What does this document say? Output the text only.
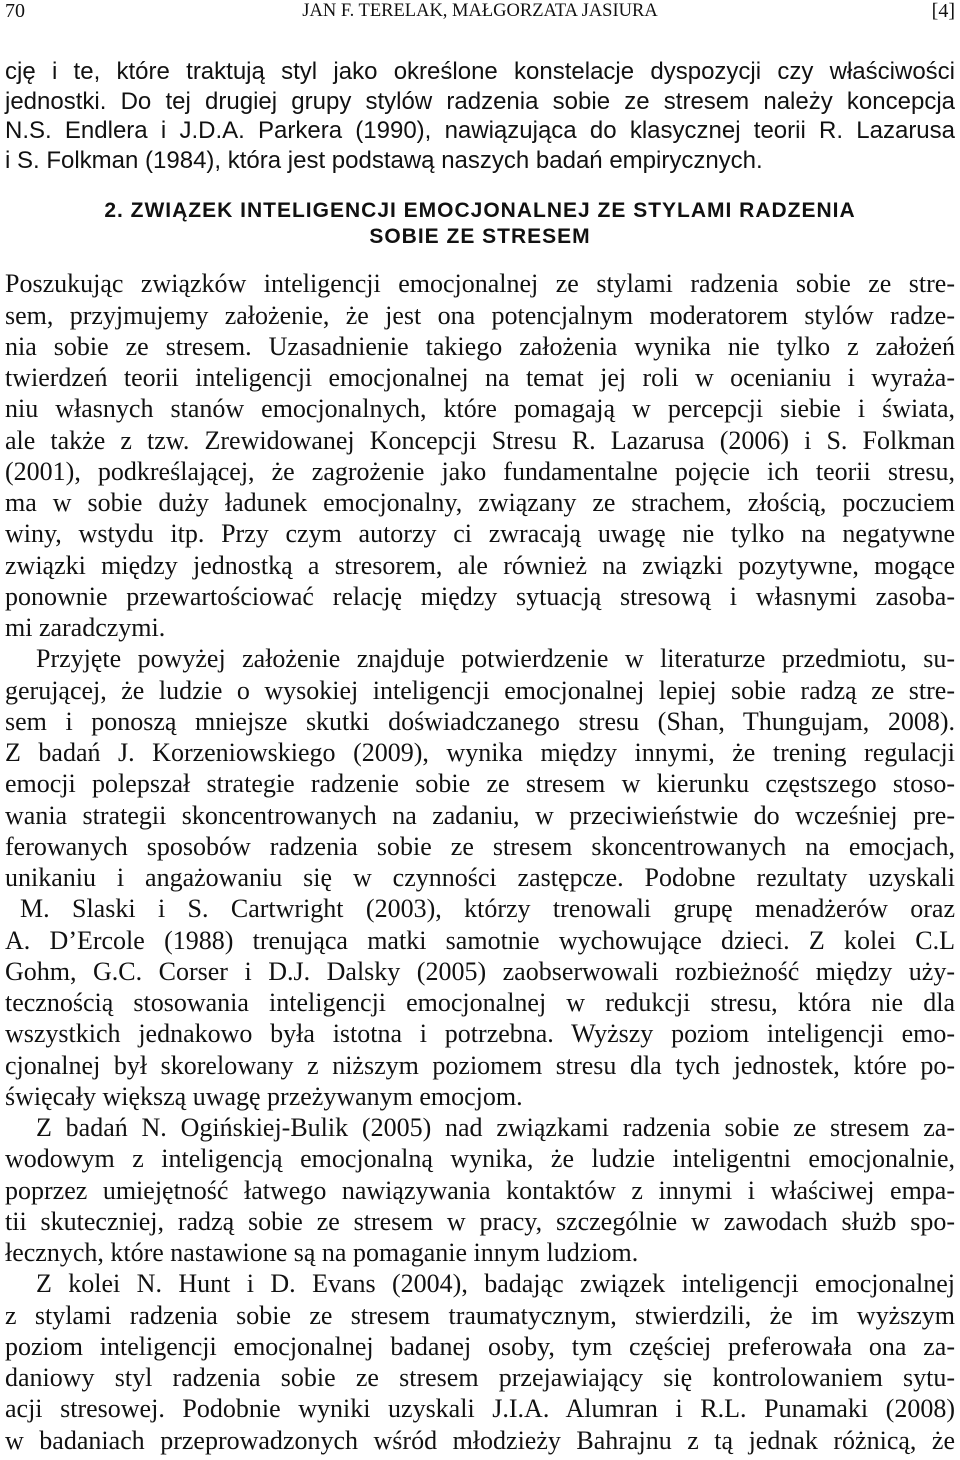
70	JAN F. TERELAK, MAŁGORZATA JASIURA	[4]
cję i te, które traktują styl jako określone konstelacje dyspozycji czy właściwości
jednostki. Do tej drugiej grupy stylów radzenia sobie ze stresem należy koncepcja
N.S. Endlera i J.D.A. Parkera (1990), nawiązująca do klasycznej teorii R. Lazarusa
i S. Folkman (1984), która jest podstawą naszych badań empirycznych.
2. ZWIĄZEK INTELIGENCJI EMOCJONALNEJ ZE STYLAMI RADZENIA
SOBIE ZE STRESEM
Poszukując związków inteligencji emocjonalnej ze stylami radzenia sobie ze stre-
sem, przyjmujemy założenie, że jest ona potencjalnym moderatorem stylów radze-
nia sobie ze stresem. Uzasadnienie takiego założenia wynika nie tylko z założeń
twierdzeń teorii inteligencji emocjonalnej na temat jej roli w ocenianiu i wyraża-
niu własnych stanów emocjonalnych, które pomagają w percepcji siebie i świata,
ale także z tzw. Zrewidowanej Koncepcji Stresu R. Lazarusa (2006) i S. Folkman
(2001), podkreślającej, że zagrożenie jako fundamentalne pojęcie ich teorii stresu,
ma w sobie duży ładunek emocjonalny, związany ze strachem, złością, poczuciem
winy, wstydu itp. Przy czym autorzy ci zwracają uwagę nie tylko na negatywne
związki między jednostką a stresorem, ale również na związki pozytywne, mogące
ponownie przewartościować relację między sytuacją stresową i własnymi zasoba-
mi zaradczymi.
Przyjęte powyżej założenie znajduje potwierdzenie w literaturze przedmiotu, su-
gerującej, że ludzie o wysokiej inteligencji emocjonalnej lepiej sobie radzą ze stre-
sem i ponoszą mniejsze skutki doświadczanego stresu (Shan, Thungujam, 2008).
Z badań J. Korzeniowskiego (2009), wynika między innymi, że trening regulacji
emocji polepszał strategie radzenie sobie ze stresem w kierunku częstszego stoso-
wania strategii skoncentrowanych na zadaniu, w przeciwieństwie do wcześniej pre-
ferowanych sposobów radzenia sobie ze stresem skoncentrowanych na emocjach,
unikaniu i angażowaniu się w czynności zastępcze. Podobne rezultaty uzyskali
M. Slaski i S. Cartwright (2003), którzy trenowali grupę menadżerów oraz
A. D’Ercole (1988) trenująca matki samotnie wychowujące dzieci. Z kolei C.L
Gohm, G.C. Corser i D.J. Dalsky (2005) zaobserwowali rozbieżność między uży-
tecznością stosowania inteligencji emocjonalnej w redukcji stresu, która nie dla
wszystkich jednakowo była istotna i potrzebna. Wyższy poziom inteligencji emo-
cjonalnej był skorelowany z niższym poziomem stresu dla tych jednostek, które po-
święcały większą uwagę przeżywanym emocjom.
Z badań N. Ogińskiej-Bulik (2005) nad związkami radzenia sobie ze stresem za-
wodowym z inteligencją emocjonalną wynika, że ludzie inteligentni emocjonalnie,
poprzez umiejętność łatwego nawiązywania kontaktów z innymi i właściwej empa-
tii skuteczniej, radzą sobie ze stresem w pracy, szczególnie w zawodach służb spo-
łecznych, które nastawione są na pomaganie innym ludziom.
Z kolei N. Hunt i D. Evans (2004), badając związek inteligencji emocjonalnej
z stylami radzenia sobie ze stresem traumatycznym, stwierdzili, że im wyższym
poziom inteligencji emocjonalnej badanej osoby, tym częściej preferowała ona za-
daniowy styl radzenia sobie ze stresem przejawiający się kontrolowaniem sytu-
acji stresowej. Podobnie wyniki uzyskali J.I.A. Alumran i R.L. Punamaki (2008)
w badaniach przeprowadzonych wśród młodzieży Bahrajnu z tą jednak różnicą, że
